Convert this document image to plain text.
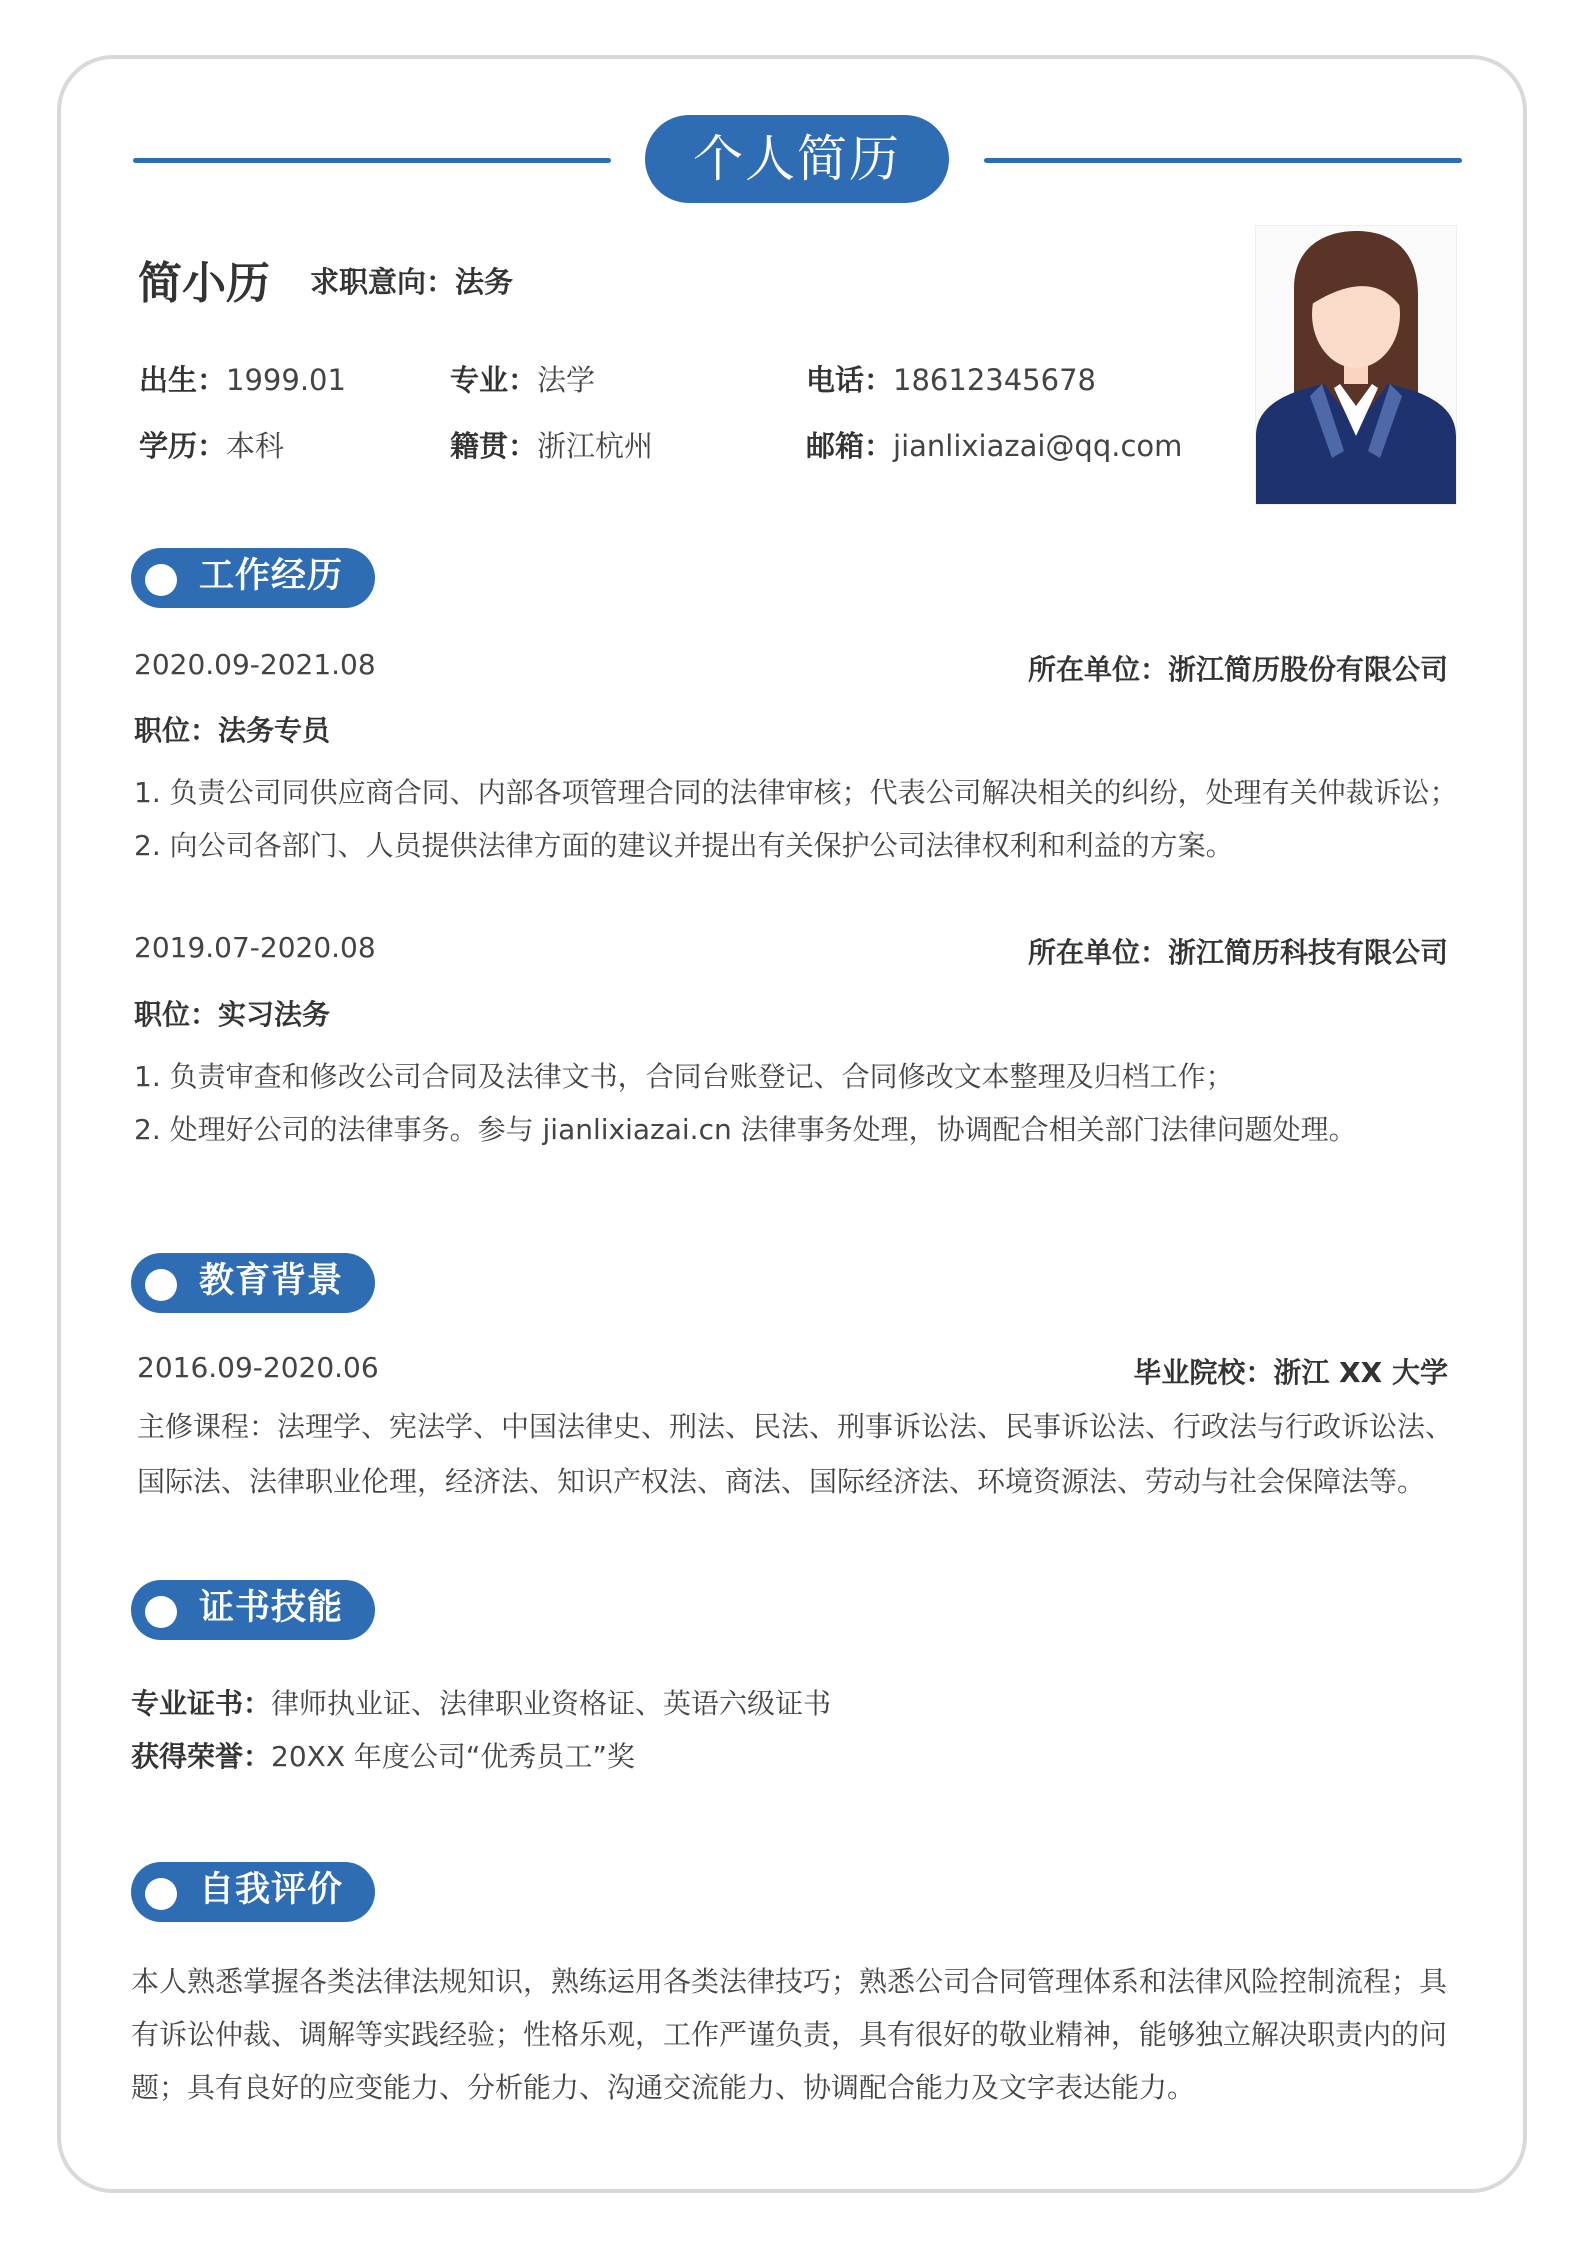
个人简历
简小历 求职意向：法务
出生：1999.01	专业：法学	电话：18612345678
学历：本科	籍贯：浙江杭州	邮箱：jianlixiazai@qq.com
工作经历
2020.09-2021.08	所在单位：浙江简历股份有限公司
职位：法务专员
1. 负责公司同供应商合同、内部各项管理合同的法律审核；代表公司解决相关的纠纷，处理有关仲裁诉讼；
2. 向公司各部门、人员提供法律方面的建议并提出有关保护公司法律权利和利益的方案。
2019.07-2020.08	所在单位：浙江简历科技有限公司
职位：实习法务
1. 负责审查和修改公司合同及法律文书，合同台账登记、合同修改文本整理及归档工作；
2. 处理好公司的法律事务。参与 jianlixiazai.cn 法律事务处理，协调配合相关部门法律问题处理。
教育背景
2016.09-2020.06	毕业院校：浙江 XX 大学
主修课程：法理学、宪法学、中国法律史、刑法、民法、刑事诉讼法、民事诉讼法、行政法与行政诉讼法、
国际法、法律职业伦理，经济法、知识产权法、商法、国际经济法、环境资源法、劳动与社会保障法等。
证书技能
专业证书：律师执业证、法律职业资格证、英语六级证书
获得荣誉：20XX 年度公司“优秀员工”奖
自我评价
本人熟悉掌握各类法律法规知识，熟练运用各类法律技巧；熟悉公司合同管理体系和法律风险控制流程；具
有诉讼仲裁、调解等实践经验；性格乐观，工作严谨负责，具有很好的敬业精神，能够独立解决职责内的问
题；具有良好的应变能力、分析能力、沟通交流能力、协调配合能力及文字表达能力。
